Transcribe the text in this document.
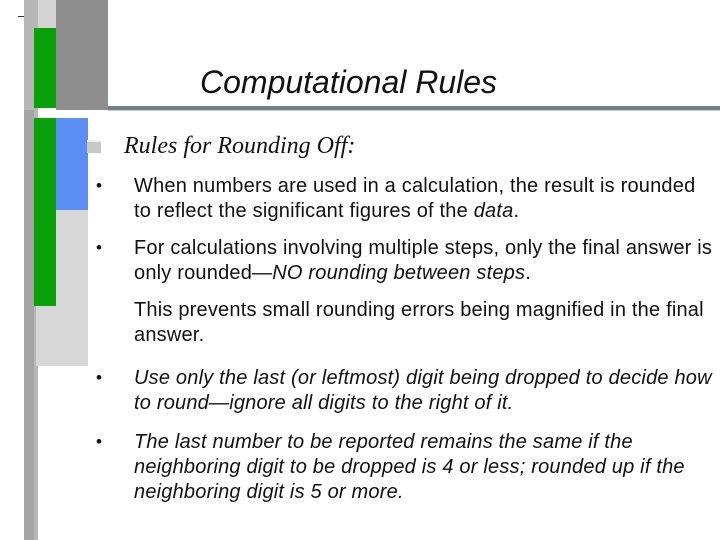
Computational Rules
Rules for Rounding Off:
• When numbers are used in a calculation, the result is rounded to reflect the significant figures of the data.
• For calculations involving multiple steps, only the final answer is only rounded—NO rounding between steps.
This prevents small rounding errors being magnified in the final answer.
• Use only the last (or leftmost) digit being dropped to decide how to round—ignore all digits to the right of it.
• The last number to be reported remains the same if the neighboring digit to be dropped is 4 or less; rounded up if the neighboring digit is 5 or more.
